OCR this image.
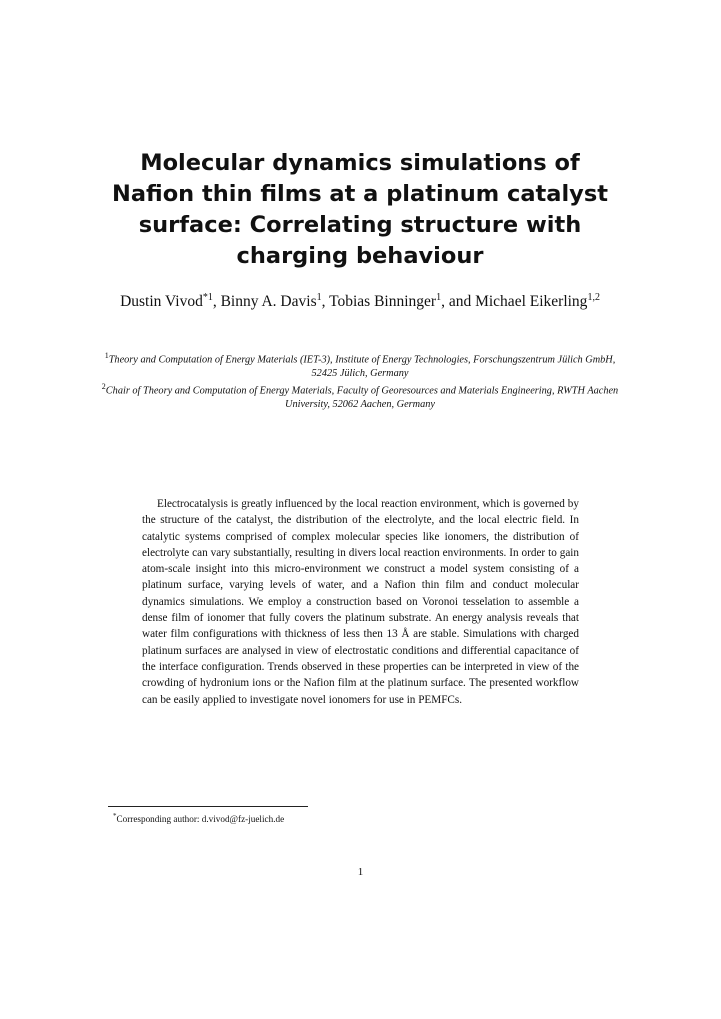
Molecular dynamics simulations of Nafion thin films at a platinum catalyst surface: Correlating structure with charging behaviour
Dustin Vivod$^{*1}$, Binny A. Davis$^1$, Tobias Binninger$^1$, and Michael Eikerling$^{1,2}$
$^1$Theory and Computation of Energy Materials (IET-3), Institute of Energy Technologies, Forschungszentrum Jülich GmbH, 52425 Jülich, Germany
$^2$Chair of Theory and Computation of Energy Materials, Faculty of Georesources and Materials Engineering, RWTH Aachen University, 52062 Aachen, Germany
Electrocatalysis is greatly influenced by the local reaction environment, which is governed by the structure of the catalyst, the distribution of the electrolyte, and the local electric field. In catalytic systems comprised of complex molecular species like ionomers, the distribution of electrolyte can vary substantially, resulting in divers local reaction environments. In order to gain atom-scale insight into this micro-environment we construct a model system consisting of a platinum surface, varying levels of water, and a Nafion thin film and conduct molecular dynamics simulations. We employ a construction based on Voronoi tesselation to assemble a dense film of ionomer that fully covers the platinum substrate. An energy analysis reveals that water film configurations with thickness of less then 13 Å are stable. Simulations with charged platinum surfaces are analysed in view of electrostatic conditions and differential capacitance of the interface configuration. Trends observed in these properties can be interpreted in view of the crowding of hydronium ions or the Nafion film at the platinum surface. The presented workflow can be easily applied to investigate novel ionomers for use in PEMFCs.
*Corresponding author: d.vivod@fz-juelich.de
1
